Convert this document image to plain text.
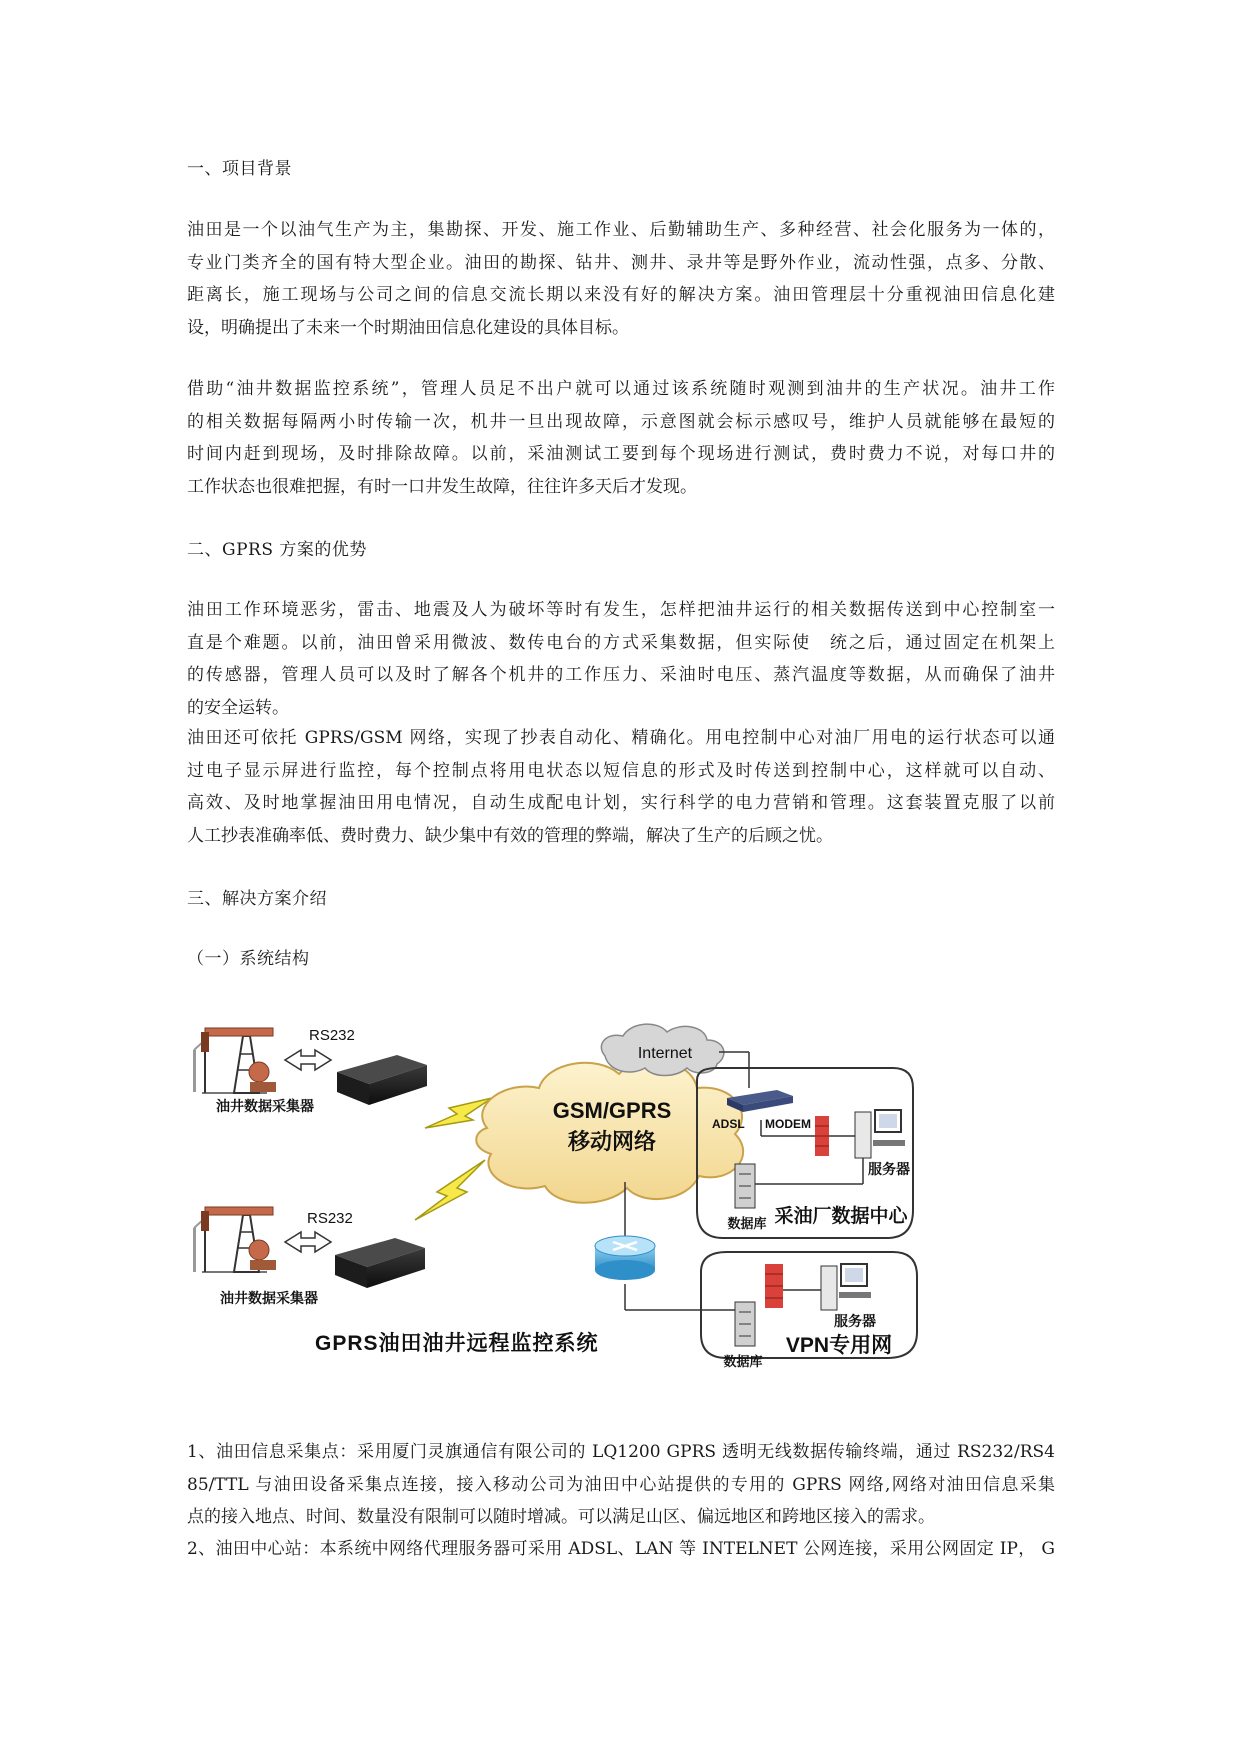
一、项目背景
油田是一个以油气生产为主，集勘探、开发、施工作业、后勤辅助生产、多种经营、社会化服务为一体的，
专业门类齐全的国有特大型企业。油田的勘探、钻井、测井、录井等是野外作业，流动性强，点多、分散、
距离长，施工现场与公司之间的信息交流长期以来没有好的解决方案。油田管理层十分重视油田信息化建
设，明确提出了未来一个时期油田信息化建设的具体目标。
借助“油井数据监控系统”，管理人员足不出户就可以通过该系统随时观测到油井的生产状况。油井工作
的相关数据每隔两小时传输一次，机井一旦出现故障，示意图就会标示感叹号，维护人员就能够在最短的
时间内赶到现场，及时排除故障。以前，采油测试工要到每个现场进行测试，费时费力不说，对每口井的
工作状态也很难把握，有时一口井发生故障，往往许多天后才发现。
二、GPRS 方案的优势
油田工作环境恶劣，雷击、地震及人为破坏等时有发生，怎样把油井运行的相关数据传送到中心控制室一
直是个难题。以前，油田曾采用微波、数传电台的方式采集数据，但实际使　统之后，通过固定在机架上
的传感器，管理人员可以及时了解各个机井的工作压力、采油时电压、蒸汽温度等数据，从而确保了油井
的安全运转。
油田还可依托 GPRS/GSM 网络，实现了抄表自动化、精确化。用电控制中心对油厂用电的运行状态可以通
过电子显示屏进行监控，每个控制点将用电状态以短信息的形式及时传送到控制中心，这样就可以自动、
高效、及时地掌握油田用电情况，自动生成配电计划，实行科学的电力营销和管理。这套装置克服了以前
人工抄表准确率低、费时费力、缺少集中有效的管理的弊端，解决了生产的后顾之忧。
三、解决方案介绍
（一）系统结构
油井数据采集器
RS232
油井数据采集器
RS232
GSM/GPRS
移动网络
Internet
ADSL MODEM
服务器
数据库 采油厂数据中心
服务器
数据库
VPN专用网
GPRS油田油井远程监控系统
1、油田信息采集点：采用厦门灵旗通信有限公司的 LQ1200 GPRS 透明无线数据传输终端，通过 RS232/RS4
85/TTL 与油田设备采集点连接，接入移动公司为油田中心站提供的专用的 GPRS 网络,网络对油田信息采集
点的接入地点、时间、数量没有限制可以随时增减。可以满足山区、偏远地区和跨地区接入的需求。
2、油田中心站：本系统中网络代理服务器可采用 ADSL、LAN 等 INTELNET 公网连接，采用公网固定 IP， G
